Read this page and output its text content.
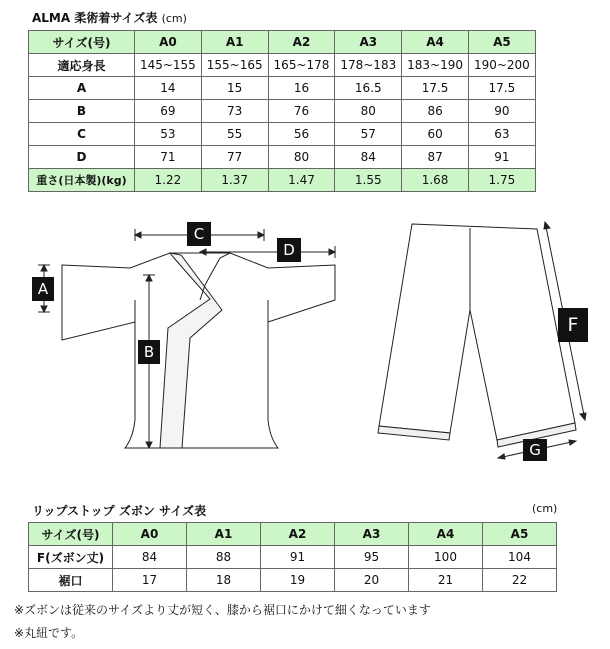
ALMA 柔術着サイズ表 (cm)
サイズ(号)	A0	A1	A2	A3	A4	A5
適応身長	145~155	155~165	165~178	178~183	183~190	190~200
A	14	15	16	16.5	17.5	17.5
B	69	73	76	80	86	90
C	53	55	56	57	60	63
D	71	77	80	84	87	91
重さ(日本製)(kg)	1.22	1.37	1.47	1.55	1.68	1.75
C
D
A
B
F
G
リップストップ ズボン サイズ表	(cm)
サイズ(号)	A0	A1	A2	A3	A4	A5
F(ズボン丈)	84	88	91	95	100	104
裾口	17	18	19	20	21	22
※ズボンは従来のサイズより丈が短く、膝から裾口にかけて細くなっています
※丸紐です。
